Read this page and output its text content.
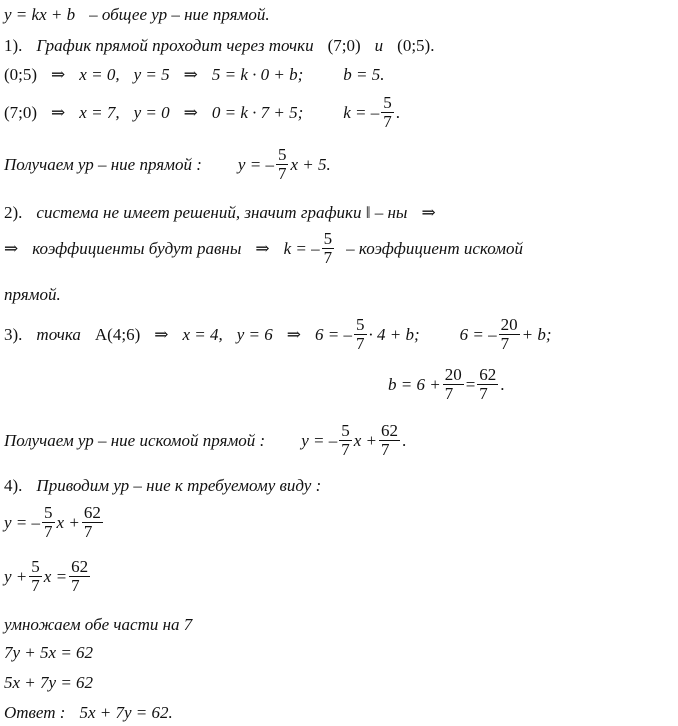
y = kx + b – общее ур – ние прямой.
1). График прямой проходит через точки (7;0) и (0;5).
(0;5) ⇒ x = 0, y = 5 ⇒ 5 = k · 0 + b; b = 5.
(7;0) ⇒ x = 7, y = 0 ⇒ 0 = k · 7 + 5; k = – $\frac{5}{7}$ .
Получаем ур – ние прямой : y = – $\frac{5}{7}$ x + 5.
2). система не имеет решений, значит графики ǁ – ны ⇒
⇒ коэффициенты будут равны ⇒ k = – $\frac{5}{7}$ – коэффициент искомой
прямой.
3). точка A(4;6) ⇒ x = 4, y = 6 ⇒ 6 = – $\frac{5}{7} \cdot 4 + b$; 6 = – $\frac{20}{7} + b$;
$b = 6 + \frac{20}{7} = \frac{62}{7}$ .
Получаем ур – ние искомой прямой : y = – $\frac{5}{7}$ $x + \frac{62}{7}$ .
4). Приводим ур – ние к требуемому виду :
y = – $\frac{5}{7}$ $x + \frac{62}{7}$
$y + \frac{5}{7}$ $x = \frac{62}{7}$
умножаем обе части на 7
7y + 5x = 62
5x + 7y = 62
Ответ : 5x + 7y = 62.
